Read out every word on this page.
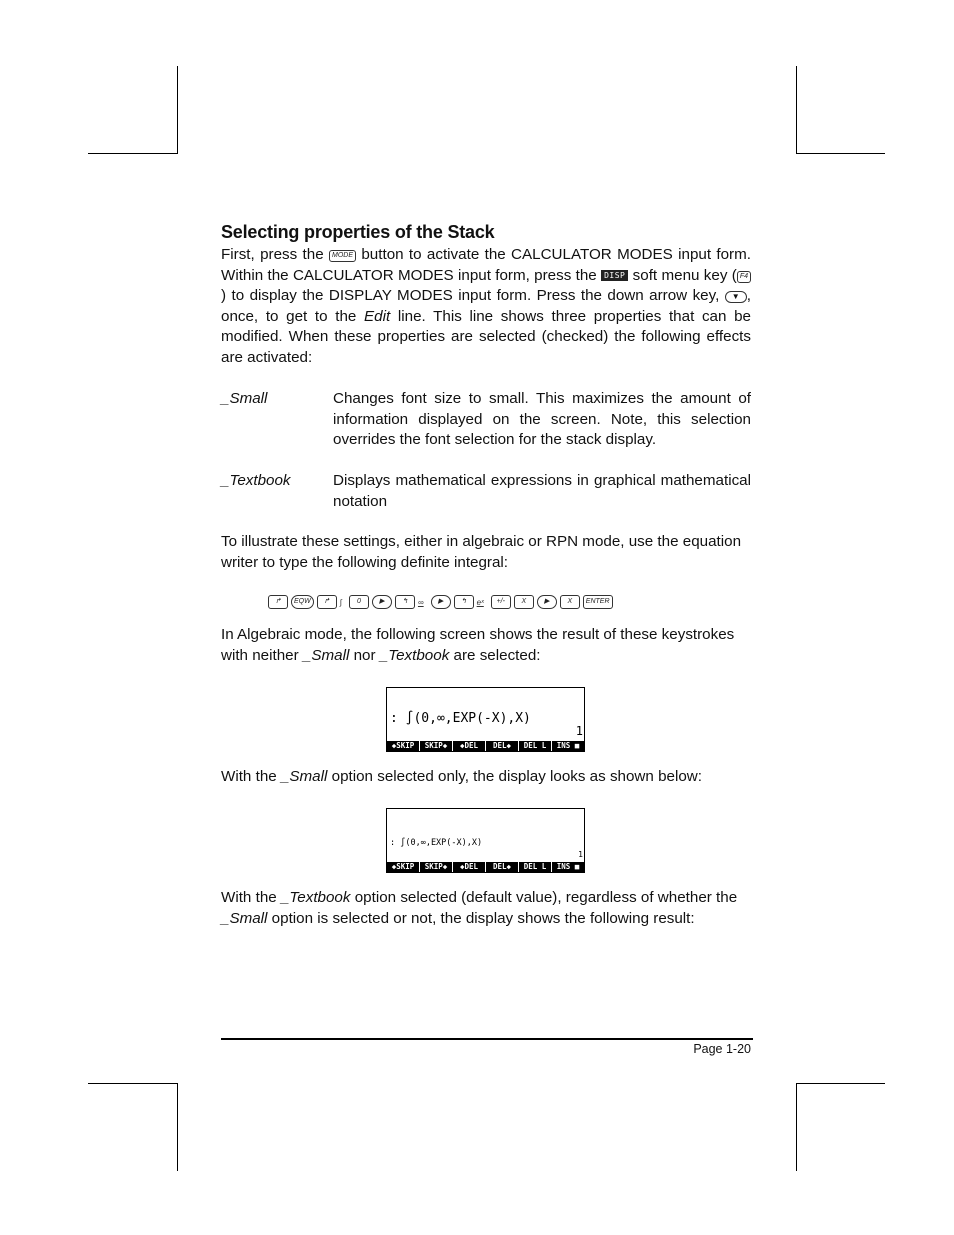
Selecting properties of the Stack
First, press the MODE button to activate the CALCULATOR MODES input form. Within the CALCULATOR MODES input form, press the DISP soft menu key ( F4) to display the DISPLAY MODES input form. Press the down arrow key, ▼ , once, to get to the Edit line. This line shows three properties that can be modified. When these properties are selected (checked) the following effects are activated:
_Small	Changes font size to small. This maximizes the amount of information displayed on the screen. Note, this selection overrides the font selection for the stack display.
_Textbook	Displays mathematical expressions in graphical mathematical notation
To illustrate these settings, either in algebraic or RPN mode, use the equation writer to type the following definite integral:
↱	EQW	↱	∫	0	▶	↰	∞	▶	↰	eˣ	+/-	X	▶	X	ENTER
In Algebraic mode, the following screen shows the result of these keystrokes with neither _Small nor _Textbook are selected:
: ∫(0,∞,EXP(-X),X)
1
◆SKIP	SKIP◆	◆DEL	DEL◆	DEL L	INS ■
With the _Small option selected only, the display looks as shown below:
: ∫(0,∞,EXP(-X),X)
1
◆SKIP	SKIP◆	◆DEL	DEL◆	DEL L	INS ■
With the _Textbook option selected (default value), regardless of whether the _Small option is selected or not, the display shows the following result:
Page 1-20
